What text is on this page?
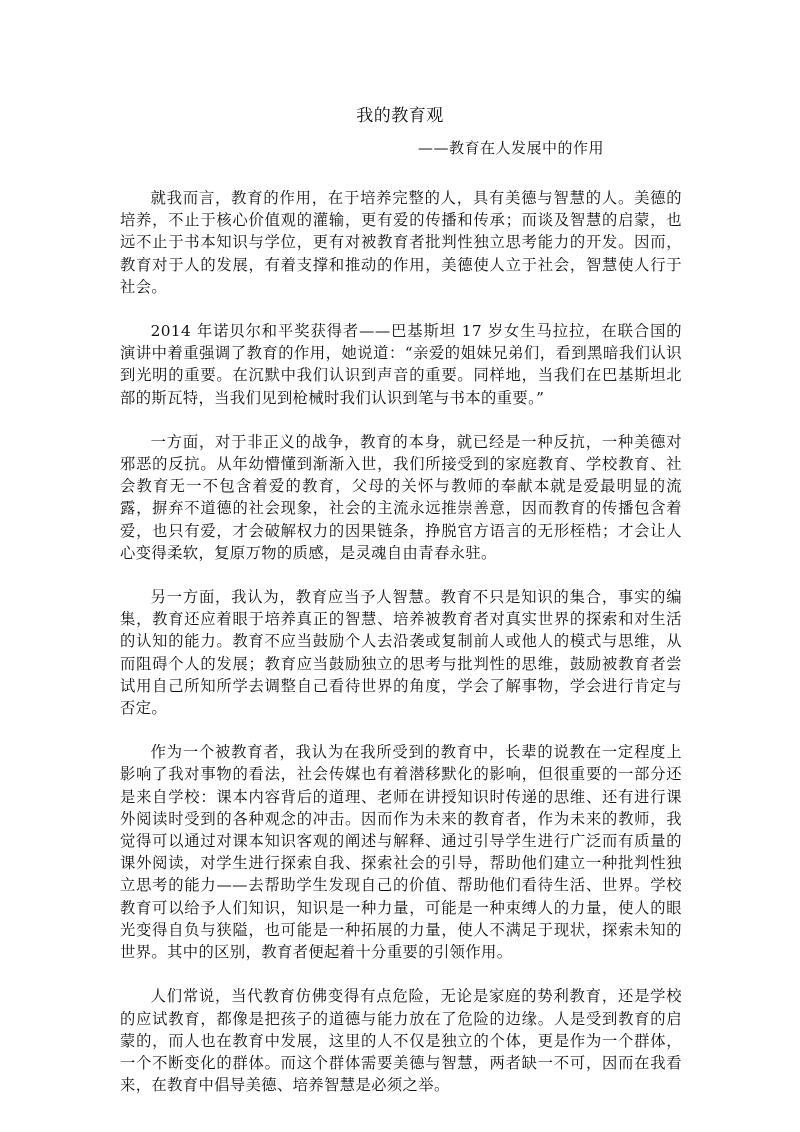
我的教育观

——教育在人发展中的作用

就我而言，教育的作用，在于培养完整的人，具有美德与智慧的人。美德的培养，不止于核心价值观的灌输，更有爱的传播和传承；而谈及智慧的启蒙，也远不止于书本知识与学位，更有对被教育者批判性独立思考能力的开发。因而，教育对于人的发展，有着支撑和推动的作用，美德使人立于社会，智慧使人行于社会。

2014 年诺贝尔和平奖获得者——巴基斯坦 17 岁女生马拉拉，在联合国的演讲中着重强调了教育的作用，她说道：“亲爱的姐妹兄弟们，看到黑暗我们认识到光明的重要。在沉默中我们认识到声音的重要。同样地，当我们在巴基斯坦北部的斯瓦特，当我们见到枪械时我们认识到笔与书本的重要。”

一方面，对于非正义的战争，教育的本身，就已经是一种反抗，一种美德对邪恶的反抗。从年幼懵懂到渐渐入世，我们所接受到的家庭教育、学校教育、社会教育无一不包含着爱的教育，父母的关怀与教师的奉献本就是爱最明显的流露，摒弃不道德的社会现象，社会的主流永远推崇善意，因而教育的传播包含着爱，也只有爱，才会破解权力的因果链条，挣脱官方语言的无形桎梏；才会让人心变得柔软，复原万物的质感，是灵魂自由青春永驻。

另一方面，我认为，教育应当予人智慧。教育不只是知识的集合，事实的编集，教育还应着眼于培养真正的智慧、培养被教育者对真实世界的探索和对生活的认知的能力。教育不应当鼓励个人去沿袭或复制前人或他人的模式与思维，从而阻碍个人的发展；教育应当鼓励独立的思考与批判性的思维，鼓励被教育者尝试用自己所知所学去调整自己看待世界的角度，学会了解事物，学会进行肯定与否定。

作为一个被教育者，我认为在我所受到的教育中，长辈的说教在一定程度上影响了我对事物的看法，社会传媒也有着潜移默化的影响，但很重要的一部分还是来自学校：课本内容背后的道理、老师在讲授知识时传递的思维、还有进行课外阅读时受到的各种观念的冲击。因而作为未来的教育者，作为未来的教师，我觉得可以通过对课本知识客观的阐述与解释、通过引导学生进行广泛而有质量的课外阅读，对学生进行探索自我、探索社会的引导，帮助他们建立一种批判性独立思考的能力——去帮助学生发现自己的价值、帮助他们看待生活、世界。学校教育可以给予人们知识，知识是一种力量，可能是一种束缚人的力量，使人的眼光变得自负与狭隘，也可能是一种拓展的力量，使人不满足于现状，探索未知的世界。其中的区别，教育者便起着十分重要的引领作用。

人们常说，当代教育仿佛变得有点危险，无论是家庭的势利教育，还是学校的应试教育，都像是把孩子的道德与能力放在了危险的边缘。人是受到教育的启蒙的，而人也在教育中发展，这里的人不仅是独立的个体，更是作为一个群体，一个不断变化的群体。而这个群体需要美德与智慧，两者缺一不可，因而在我看来，在教育中倡导美德、培养智慧是必须之举。
